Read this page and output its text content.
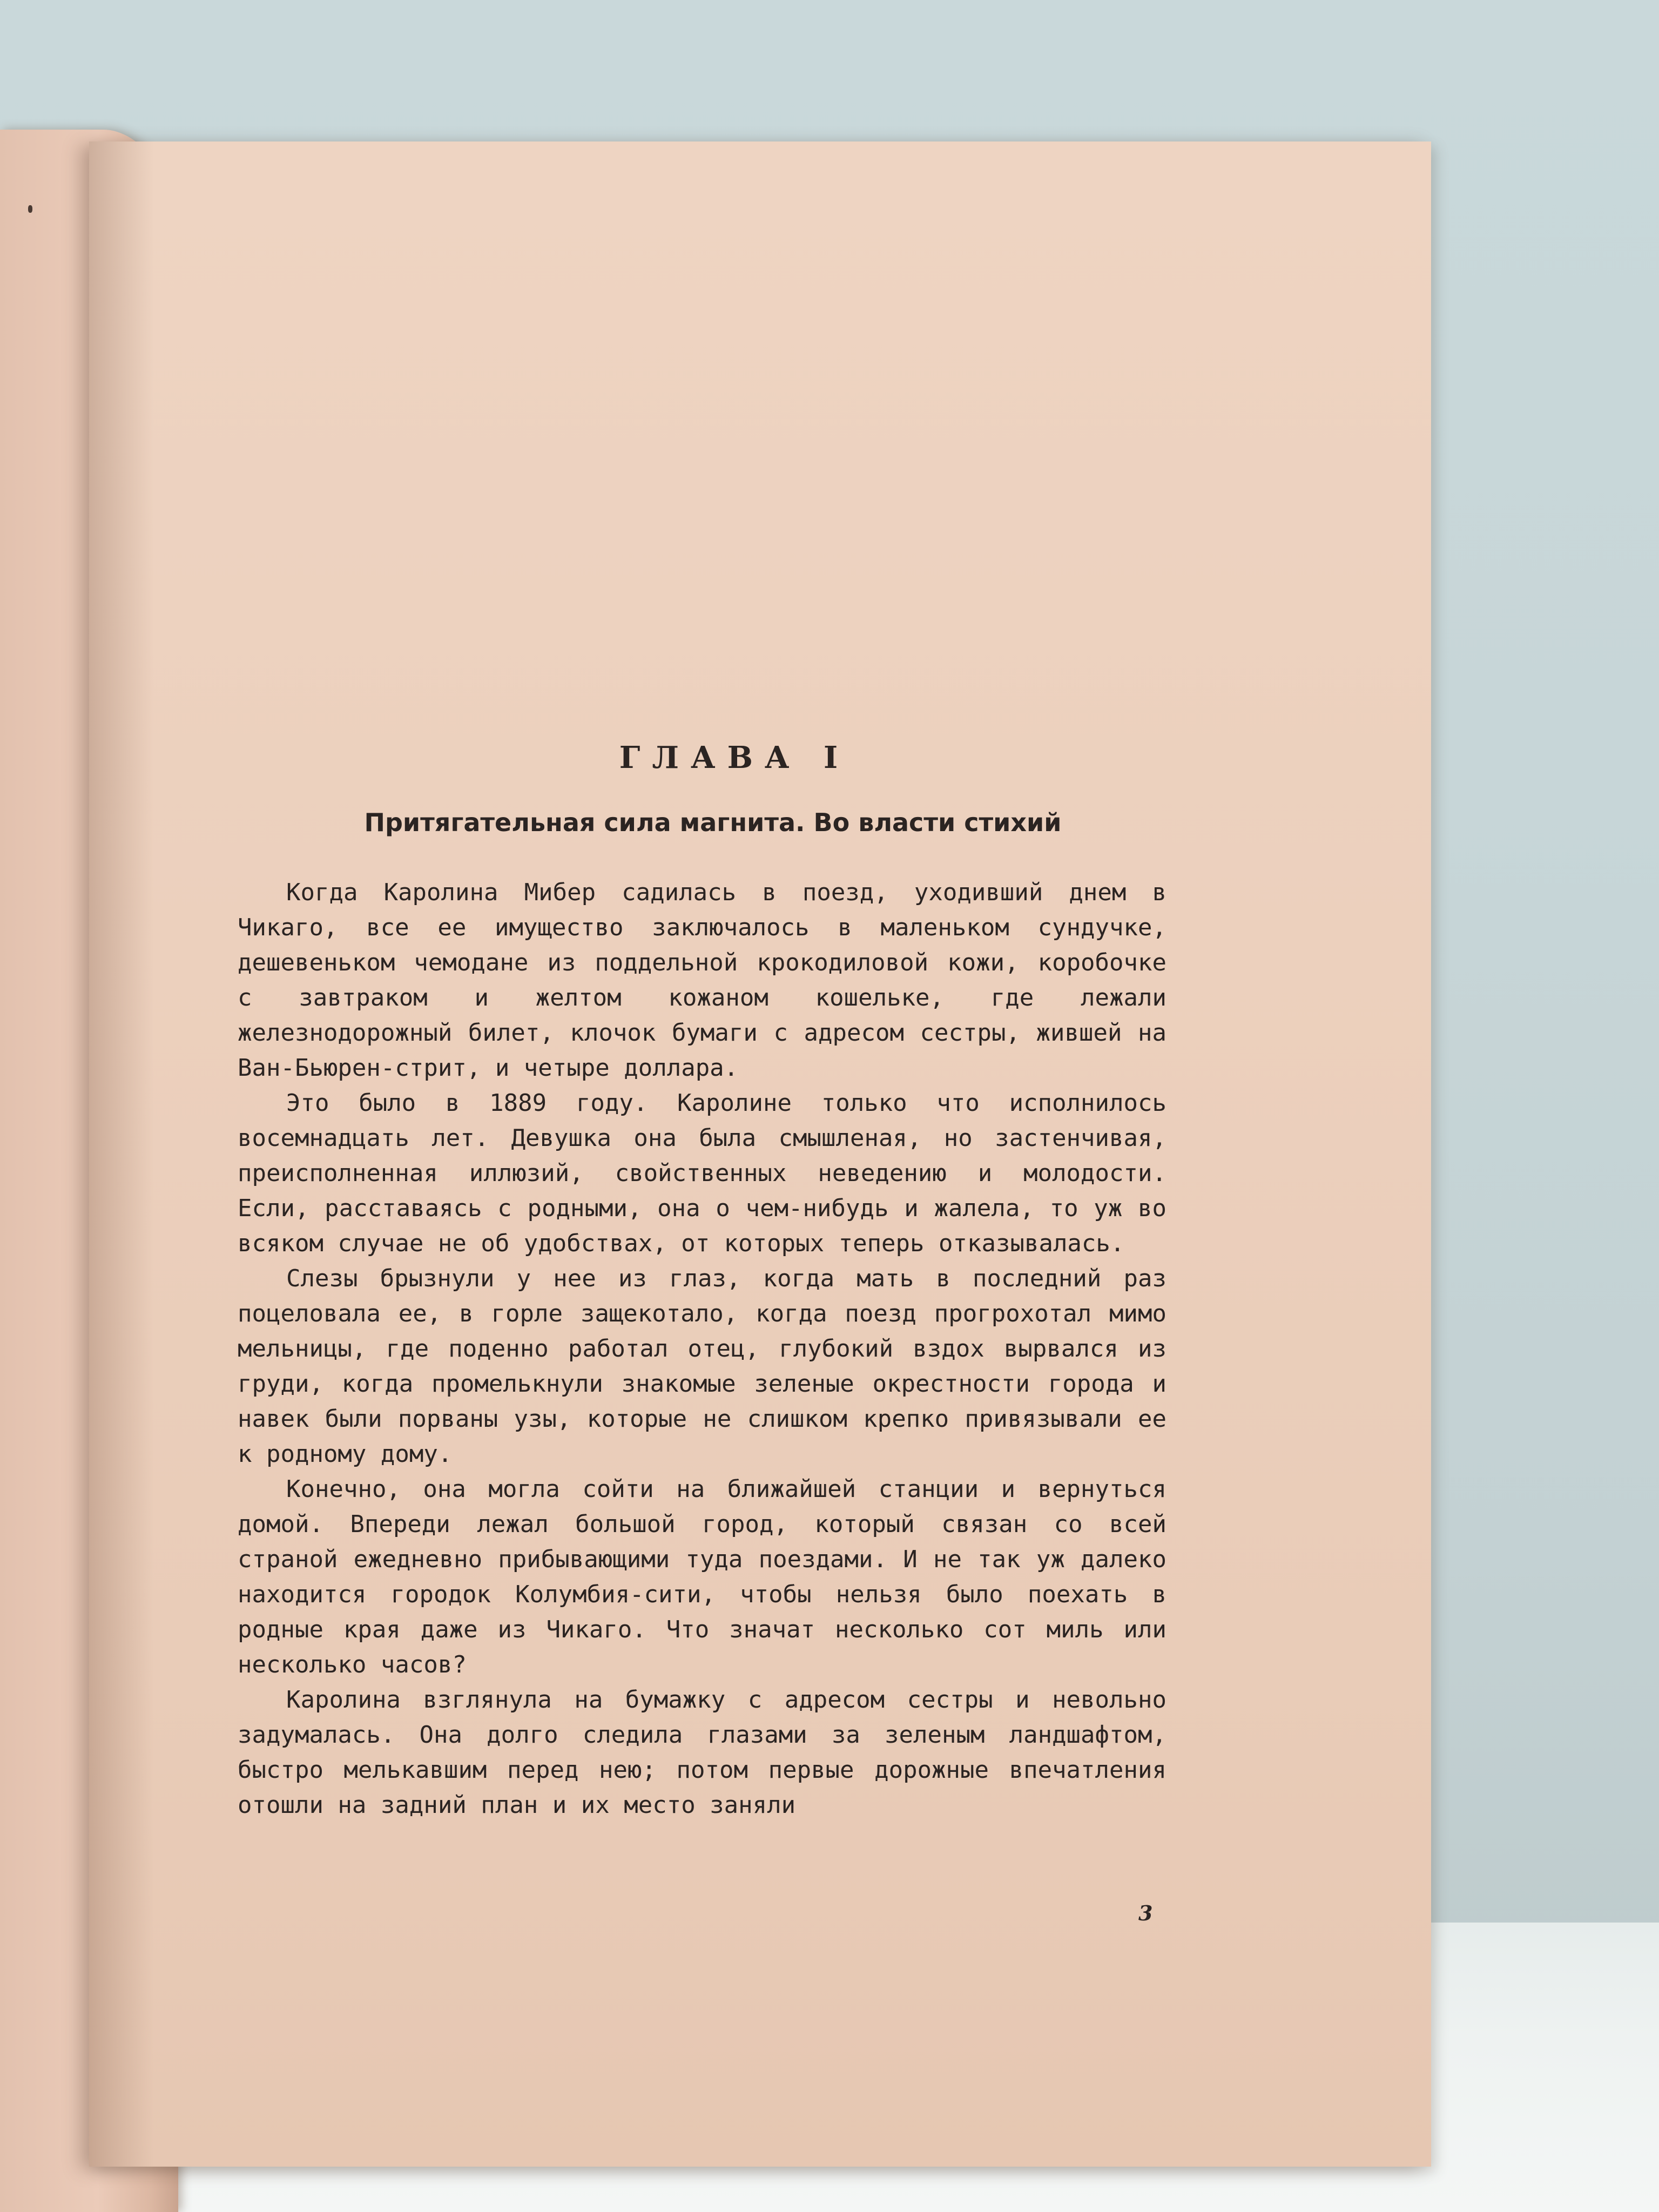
ГЛАВА I
Притягательная сила магнита. Во власти стихий

Когда Каролина Мибер садилась в поезд, уходивший днем в Чикаго, все ее имущество заключалось в маленьком сундучке, дешевеньком чемодане из поддельной крокодиловой кожи, коробочке с завтраком и желтом кожаном кошельке, где лежали железнодорожный билет, клочок бумаги с адресом сестры, жившей на Ван-Бьюрен-стрит, и четыре доллара.

Это было в 1889 году. Каролине только что исполнилось восемнадцать лет. Девушка она была смышленая, но застенчивая, преисполненная иллюзий, свойственных неведению и молодости. Если, расставаясь с родными, она о чем-нибудь и жалела, то уж во всяком случае не об удобствах, от которых теперь отказывалась.

Слезы брызнули у нее из глаз, когда мать в последний раз поцеловала ее, в горле защекотало, когда поезд прогрохотал мимо мельницы, где поденно работал отец, глубокий вздох вырвался из груди, когда промелькнули знакомые зеленые окрестности города и навек были порваны узы, которые не слишком крепко привязывали ее к родному дому.

Конечно, она могла сойти на ближайшей станции и вернуться домой. Впереди лежал большой город, который связан со всей страной ежедневно прибывающими туда поездами. И не так уж далеко находится городок Колумбия-сити, чтобы нельзя было поехать в родные края даже из Чикаго. Что значат несколько сот миль или несколько часов?

Каролина взглянула на бумажку с адресом сестры и невольно задумалась. Она долго следила глазами за зеленым ландшафтом, быстро мелькавшим перед нею; потом первые дорожные впечатления отошли на задний план и их место заняли

3
